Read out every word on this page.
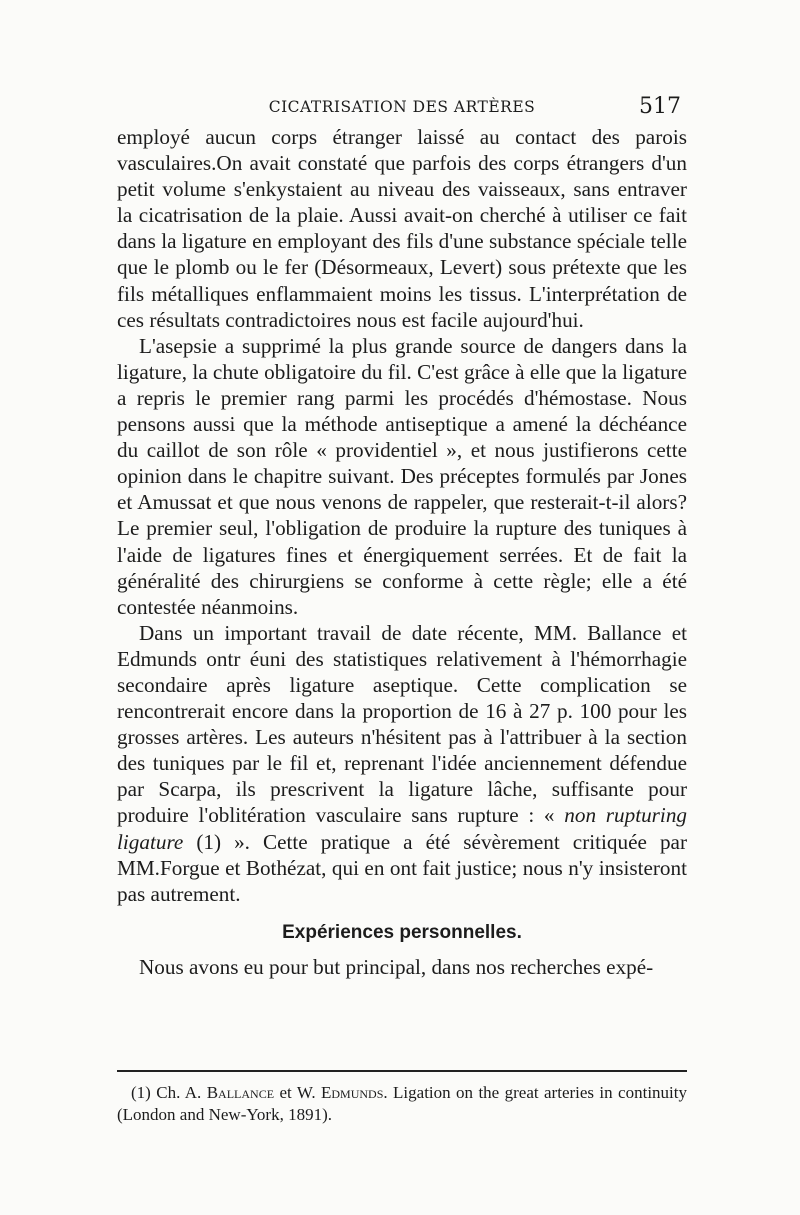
CICATRISATION DES ARTÈRES	517

employé aucun corps étranger laissé au contact des parois vasculaires.On avait constaté que parfois des corps étrangers d'un petit volume s'enkystaient au niveau des vaisseaux, sans entraver la cicatrisation de la plaie. Aussi avait-on cherché à utiliser ce fait dans la ligature en employant des fils d'une substance spéciale telle que le plomb ou le fer (Désormeaux, Levert) sous prétexte que les fils métalliques enflammaient moins les tissus. L'interprétation de ces résultats contradictoires nous est facile aujourd'hui.

L'asepsie a supprimé la plus grande source de dangers dans la ligature, la chute obligatoire du fil. C'est grâce à elle que la ligature a repris le premier rang parmi les procédés d'hémostase. Nous pensons aussi que la méthode antiseptique a amené la déchéance du caillot de son rôle « providentiel », et nous justifierons cette opinion dans le chapitre suivant. Des préceptes formulés par Jones et Amussat et que nous venons de rappeler, que resterait-t-il alors? Le premier seul, l'obligation de produire la rupture des tuniques à l'aide de ligatures fines et énergiquement serrées. Et de fait la généralité des chirurgiens se conforme à cette règle; elle a été contestée néanmoins.

Dans un important travail de date récente, MM. Ballance et Edmunds ontr éuni des statistiques relativement à l'hémorrhagie secondaire après ligature aseptique. Cette complication se rencontrerait encore dans la proportion de 16 à 27 p. 100 pour les grosses artères. Les auteurs n'hésitent pas à l'attribuer à la section des tuniques par le fil et, reprenant l'idée anciennement défendue par Scarpa, ils prescrivent la ligature lâche, suffisante pour produire l'oblitération vasculaire sans rupture : « non rupturing ligature (1) ». Cette pratique a été sévèrement critiquée par MM.Forgue et Bothézat, qui en ont fait justice; nous n'y insisteront pas autrement.

Expériences personnelles.

Nous avons eu pour but principal, dans nos recherches expé-

(1) Ch. A. Ballance et W. Edmunds. Ligation on the great arteries in continuity (London and New-York, 1891).
